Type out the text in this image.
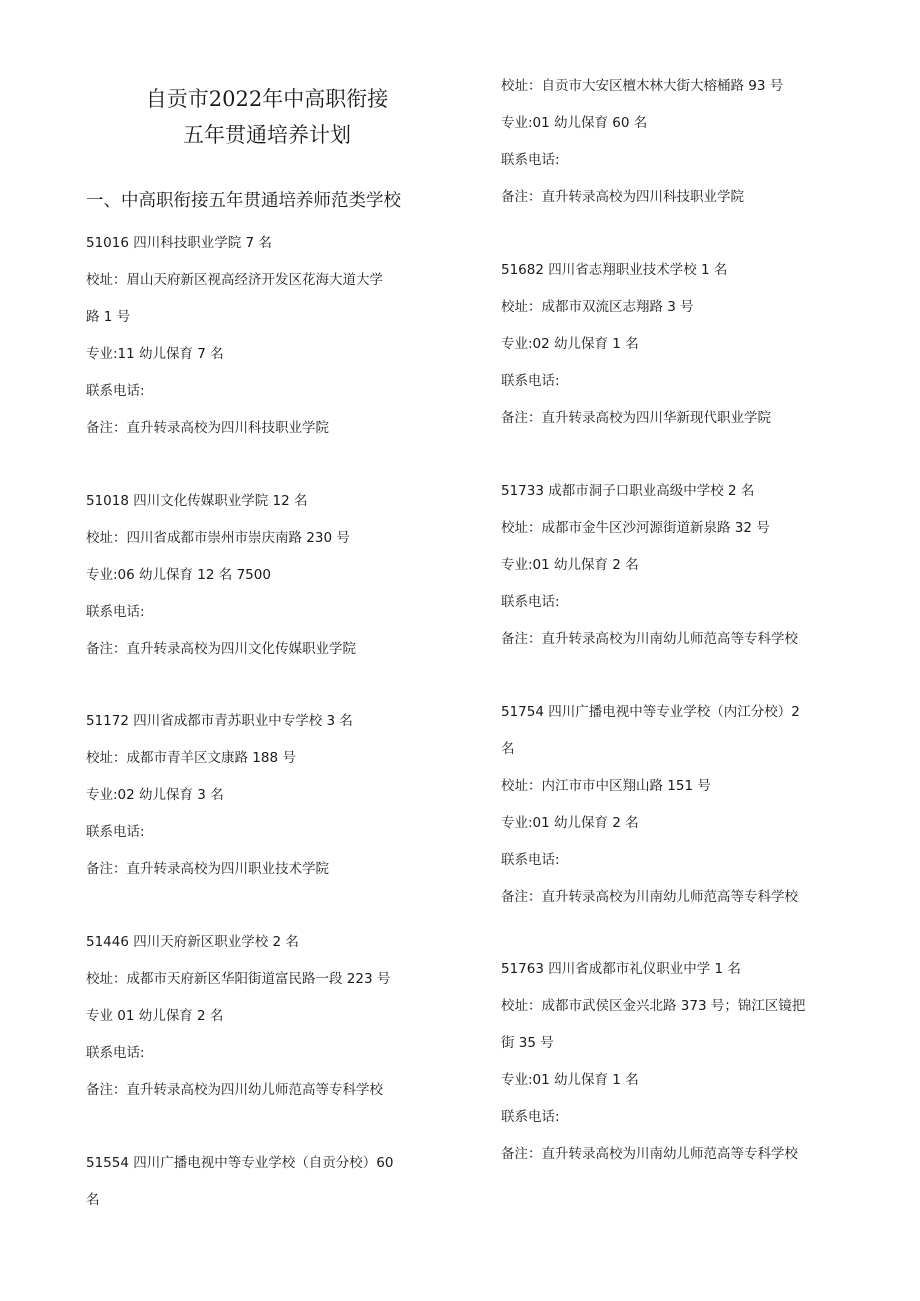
自贡市2022年中高职衔接
五年贯通培养计划
一、中高职衔接五年贯通培养师范类学校
51016 四川科技职业学院 7 名
校址：眉山天府新区视高经济开发区花海大道大学
路 1 号
专业:11 幼儿保育 7 名
联系电话:
备注：直升转录高校为四川科技职业学院
51018 四川文化传媒职业学院 12 名
校址：四川省成都市崇州市崇庆南路 230 号
专业:06 幼儿保育 12 名 7500
联系电话:
备注：直升转录高校为四川文化传媒职业学院
51172 四川省成都市青苏职业中专学校 3 名
校址：成都市青羊区文康路 188 号
专业:02 幼儿保育 3 名
联系电话:
备注：直升转录高校为四川职业技术学院
51446 四川天府新区职业学校 2 名
校址：成都市天府新区华阳街道富民路一段 223 号
专业 01 幼儿保育 2 名
联系电话:
备注：直升转录高校为四川幼儿师范高等专科学校
51554 四川广播电视中等专业学校（自贡分校）60
名
校址：自贡市大安区檀木林大街大榕桶路 93 号
专业:01 幼儿保育 60 名
联系电话:
备注：直升转录高校为四川科技职业学院
51682 四川省志翔职业技术学校 1 名
校址：成都市双流区志翔路 3 号
专业:02 幼儿保育 1 名
联系电话:
备注：直升转录高校为四川华新现代职业学院
51733 成都市洞子口职业高级中学校 2 名
校址：成都市金牛区沙河源街道新泉路 32 号
专业:01 幼儿保育 2 名
联系电话:
备注：直升转录高校为川南幼儿师范高等专科学校
51754 四川广播电视中等专业学校（内江分校）2
名
校址：内江市市中区翔山路 151 号
专业:01 幼儿保育 2 名
联系电话:
备注：直升转录高校为川南幼儿师范高等专科学校
51763 四川省成都市礼仪职业中学 1 名
校址：成都市武侯区金兴北路 373 号；锦江区镜把
街 35 号
专业:01 幼儿保育 1 名
联系电话:
备注：直升转录高校为川南幼儿师范高等专科学校
